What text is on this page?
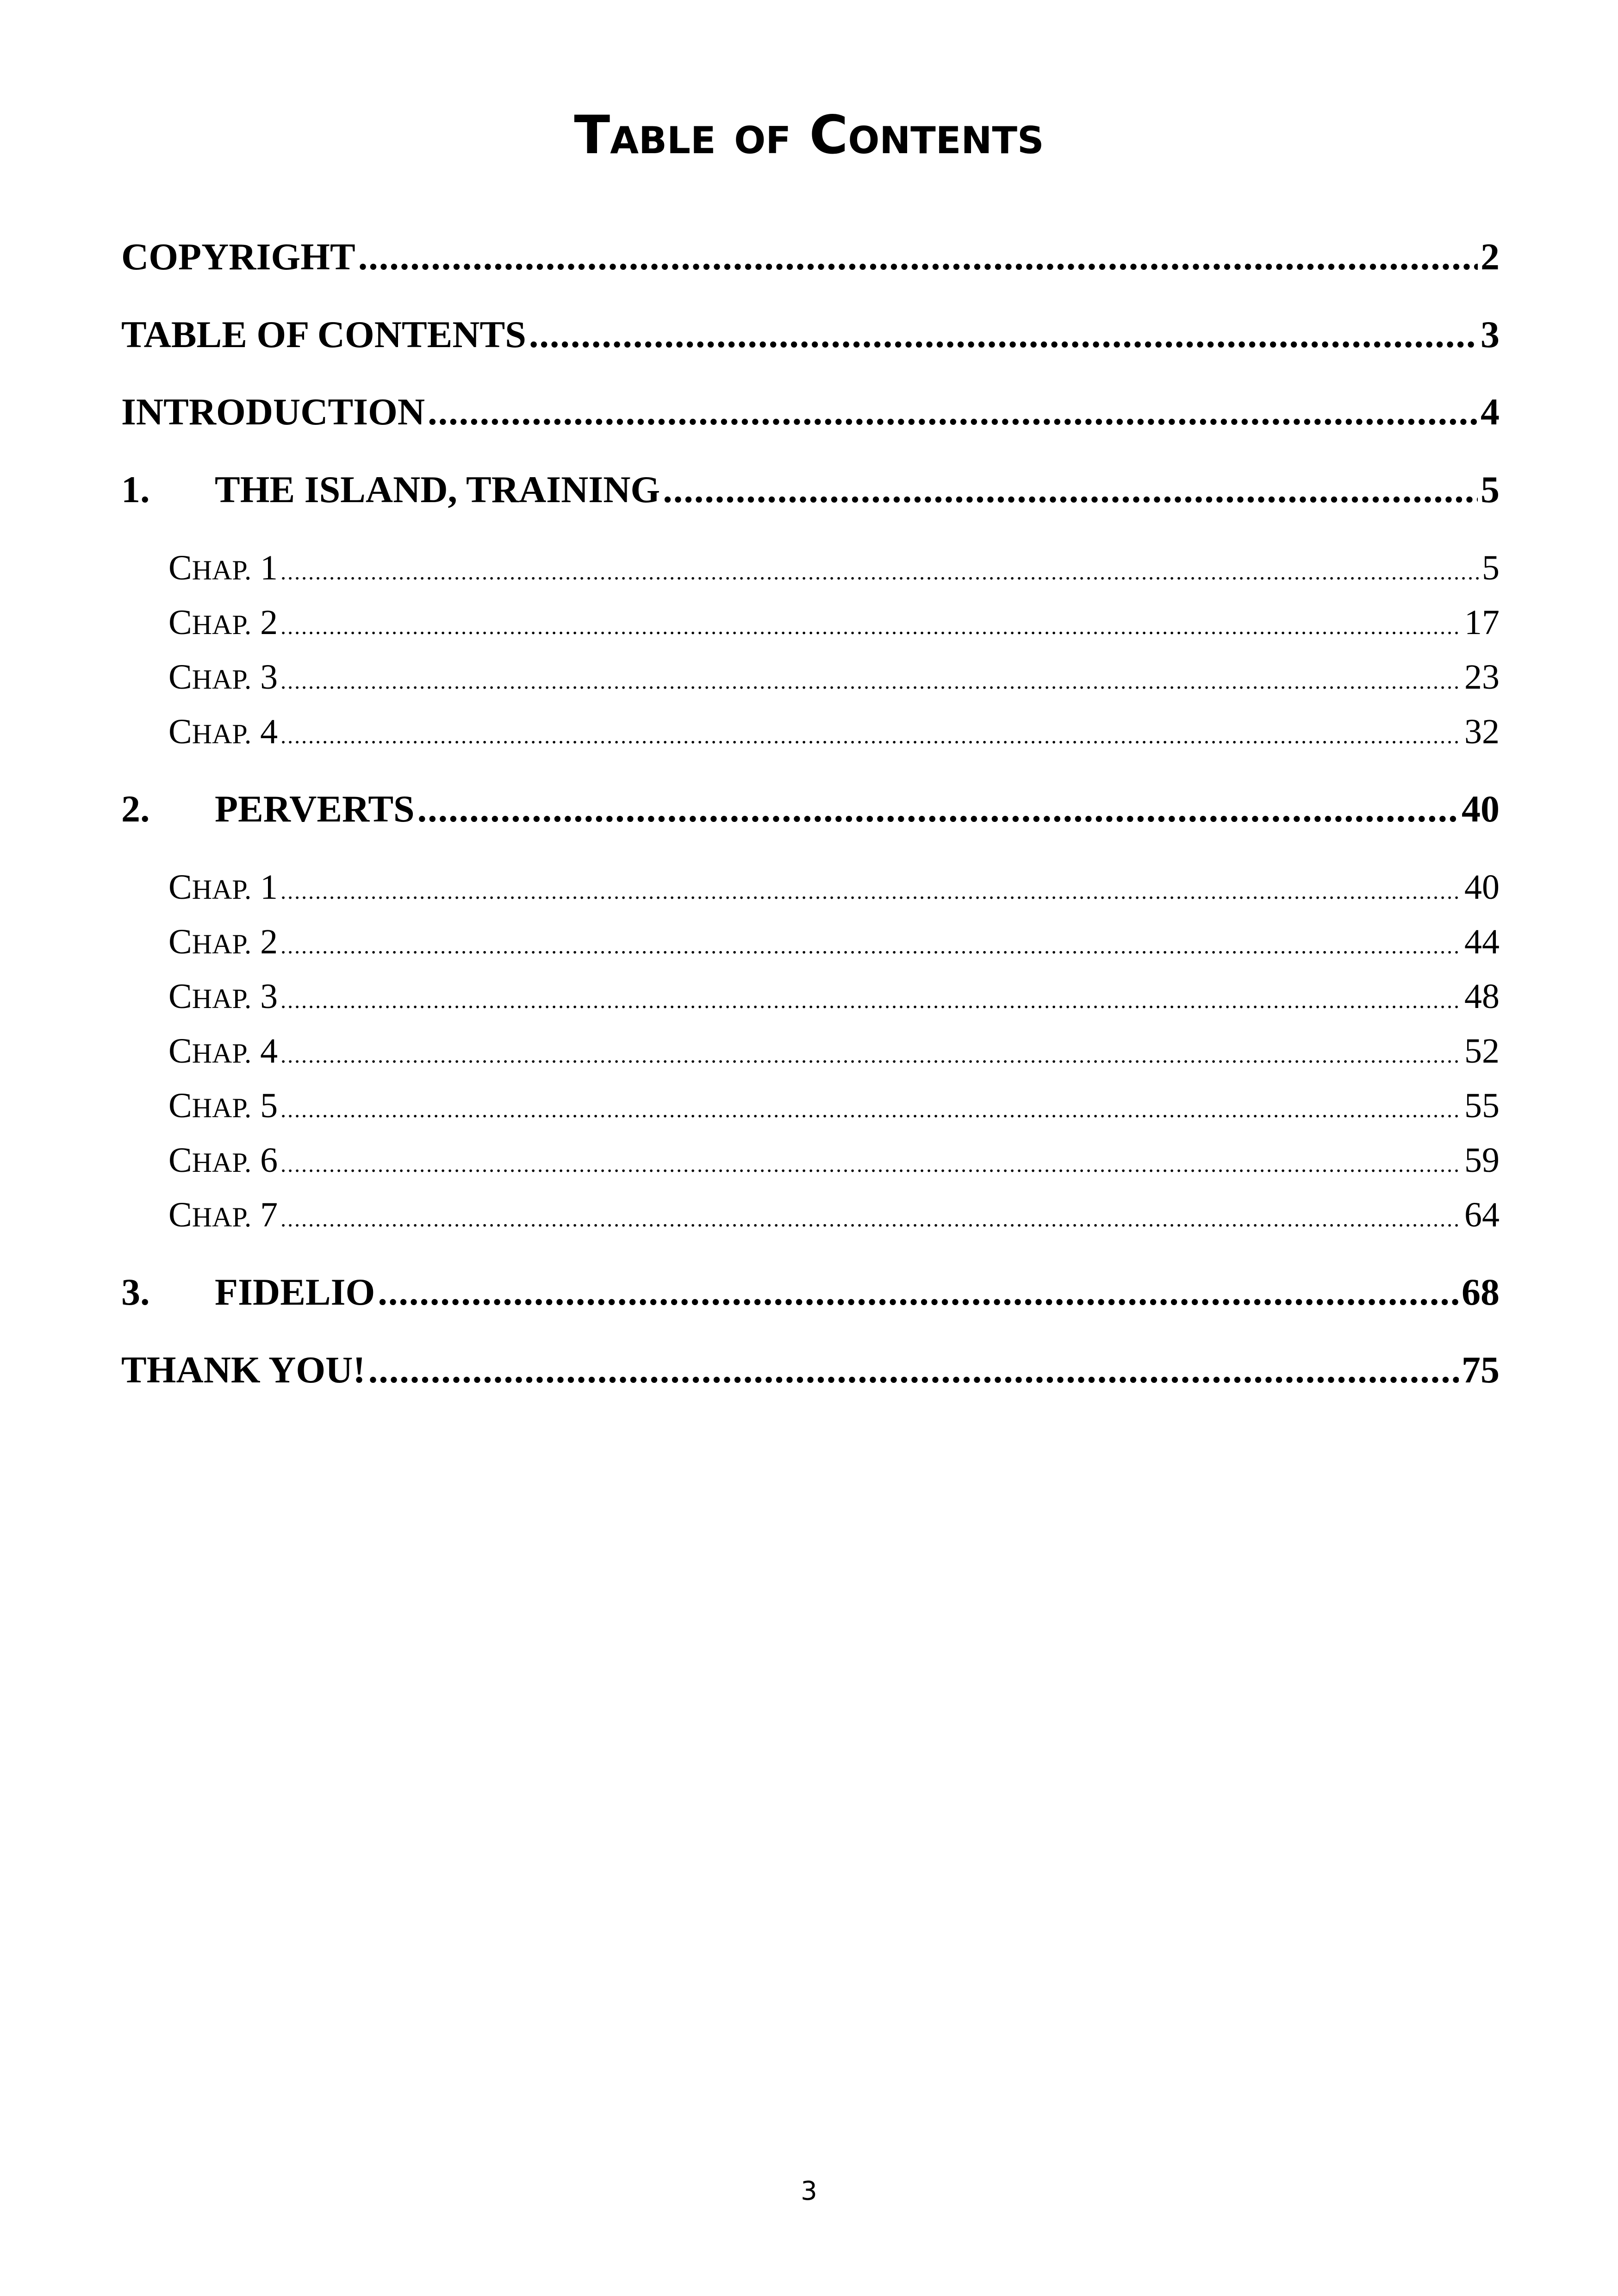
Table of Contents
COPYRIGHT .....	2
TABLE OF CONTENTS .....	3
INTRODUCTION .....	4
1.	THE ISLAND, TRAINING .....	5
CHAP. 1 .....	5
CHAP. 2 .....	17
CHAP. 3 .....	23
CHAP. 4 .....	32
2.	PERVERTS .....	40
CHAP. 1 .....	40
CHAP. 2 .....	44
CHAP. 3 .....	48
CHAP. 4 .....	52
CHAP. 5 .....	55
CHAP. 6 .....	59
CHAP. 7 .....	64
3.	FIDELIO .....	68
THANK YOU! .....	75
3
